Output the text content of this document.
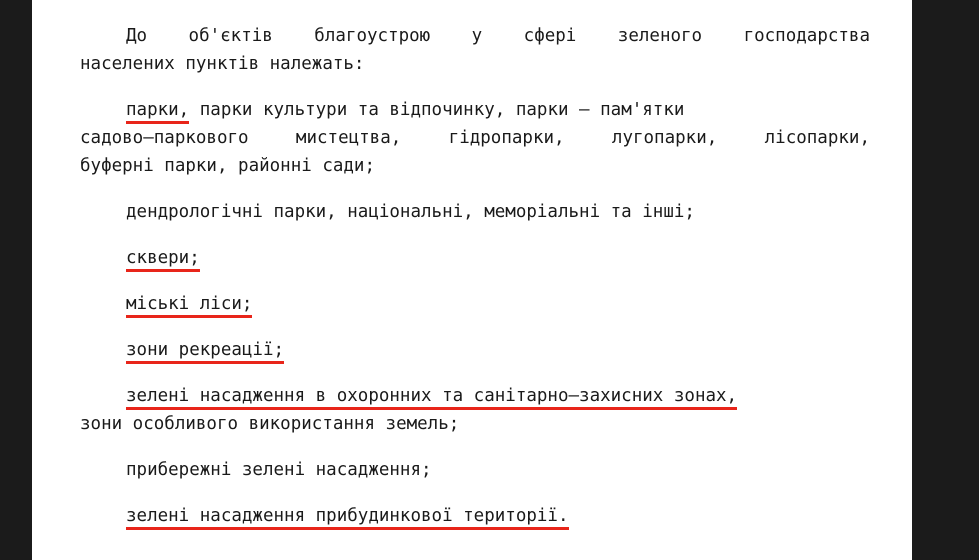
До об'єктів благоустрою у сфері зеленого господарства
населених пунктів належать:
парки, парки культури та відпочинку, парки — пам'ятки
садово—паркового мистецтва, гідропарки, лугопарки, лісопарки,
буферні парки, районні сади;
дендрологічні парки, національні, меморіальні та інші;
сквери;
міські ліси;
зони рекреації;
зелені насадження в охоронних та санітарно—захисних зонах,
зони особливого використання земель;
прибережні зелені насадження;
зелені насадження прибудинкової території.
